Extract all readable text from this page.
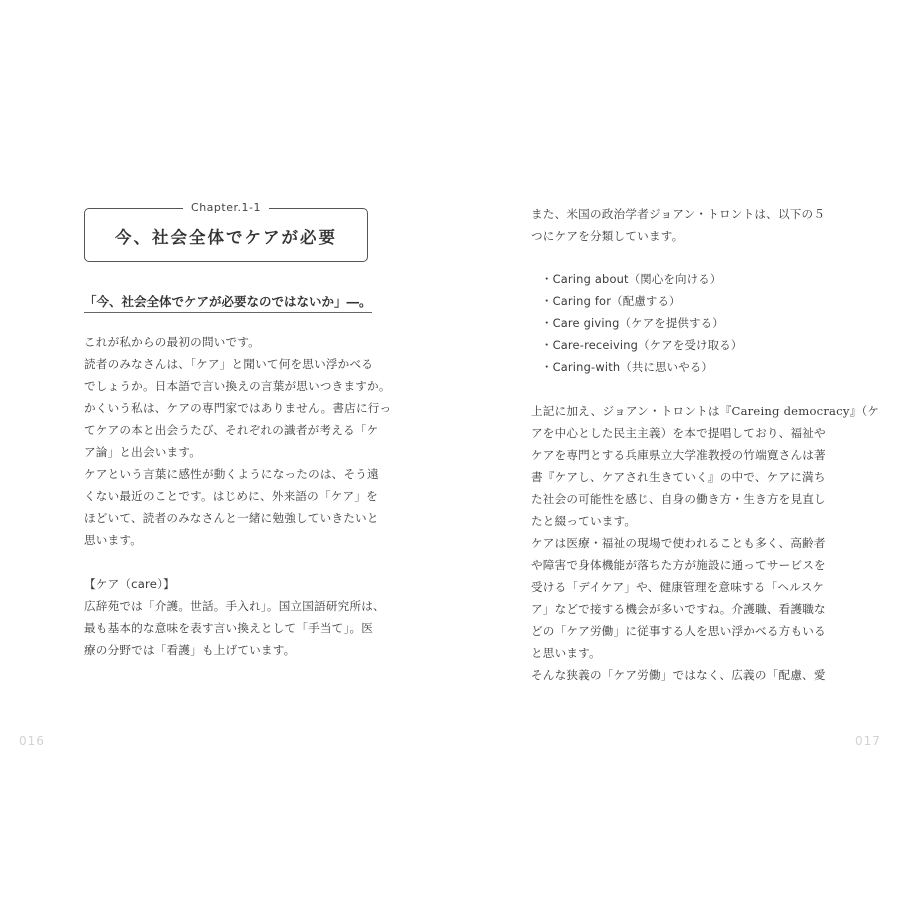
Chapter.1-1
今、社会全体でケアが必要
「今、社会全体でケアが必要なのではないか」―。
これが私からの最初の問いです。
読者のみなさんは、「ケア」と聞いて何を思い浮かべる
でしょうか。日本語で言い換えの言葉が思いつきますか。
かくいう私は、ケアの専門家ではありません。書店に行っ
てケアの本と出会うたび、それぞれの識者が考える「ケ
ア論」と出会います。
ケアという言葉に感性が動くようになったのは、そう遠
くない最近のことです。はじめに、外来語の「ケア」を
ほどいて、読者のみなさんと一緒に勉強していきたいと
思います。
【ケア（care）】
広辞苑では「介護。世話。手入れ」。国立国語研究所は、
最も基本的な意味を表す言い換えとして「手当て」。医
療の分野では「看護」も上げています。
016
また、米国の政治学者ジョアン・トロントは、以下の５
つにケアを分類しています。
・Caring about（関心を向ける）
・Caring for（配慮する）
・Care giving（ケアを提供する）
・Care-receiving（ケアを受け取る）
・Caring-with（共に思いやる）
上記に加え、ジョアン・トロントは『Careing democracy』（ケ
アを中心とした民主主義）を本で提唱しており、福祉や
ケアを専門とする兵庫県立大学准教授の竹端寛さんは著
書『ケアし、ケアされ生きていく』の中で、ケアに満ち
た社会の可能性を感じ、自身の働き方・生き方を見直し
たと綴っています。
ケアは医療・福祉の現場で使われることも多く、高齢者
や障害で身体機能が落ちた方が施設に通ってサービスを
受ける「デイケア」や、健康管理を意味する「ヘルスケ
ア」などで接する機会が多いですね。介護職、看護職な
どの「ケア労働」に従事する人を思い浮かべる方もいる
と思います。
そんな狭義の「ケア労働」ではなく、広義の「配慮、愛
017
